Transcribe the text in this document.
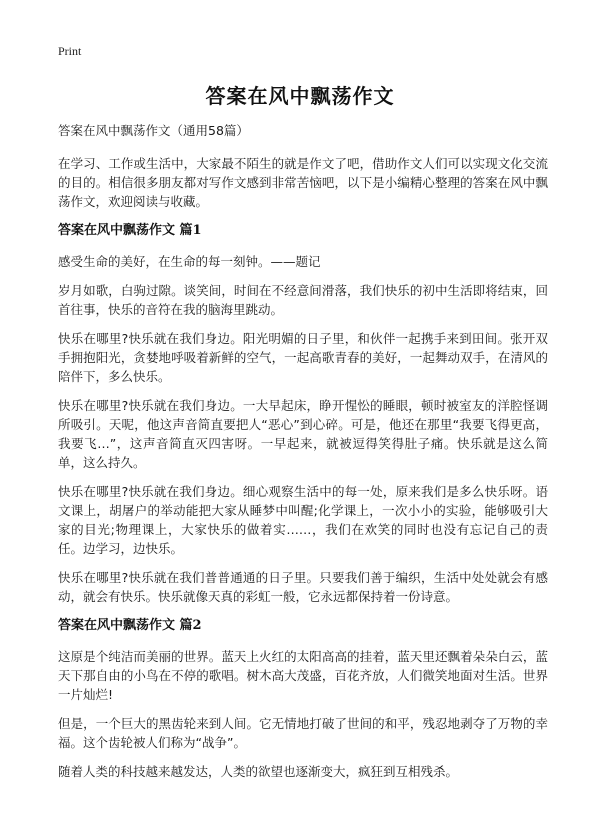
Print
答案在风中飘荡作文

答案在风中飘荡作文（通用58篇）

在学习、工作或生活中，大家最不陌生的就是作文了吧，借助作文人们可以实现文化交流的目的。相信很多朋友都对写作文感到非常苦恼吧，以下是小编精心整理的答案在风中飘荡作文，欢迎阅读与收藏。

答案在风中飘荡作文 篇1

感受生命的美好，在生命的每一刻钟。——题记

岁月如歌，白驹过隙。谈笑间，时间在不经意间滑落，我们快乐的初中生活即将结束，回首往事，快乐的音符在我的脑海里跳动。

快乐在哪里?快乐就在我们身边。阳光明媚的日子里，和伙伴一起携手来到田间。张开双手拥抱阳光，贪婪地呼吸着新鲜的空气，一起高歌青春的美好，一起舞动双手，在清风的陪伴下，多么快乐。

快乐在哪里?快乐就在我们身边。一大早起床，睁开惺忪的睡眼，顿时被室友的洋腔怪调所吸引。天呢，他这声音简直要把人“恶心”到心碎。可是，他还在那里“我要飞得更高，我要飞…”，这声音简直灭四害呀。一早起来，就被逗得笑得肚子痛。快乐就是这么简单，这么持久。

快乐在哪里?快乐就在我们身边。细心观察生活中的每一处，原来我们是多么快乐呀。语文课上，胡屠户的举动能把大家从睡梦中叫醒;化学课上，一次小小的实验，能够吸引大家的目光;物理课上，大家快乐的做着实……，我们在欢笑的同时也没有忘记自己的责任。边学习，边快乐。

快乐在哪里?快乐就在我们普普通通的日子里。只要我们善于编织，生活中处处就会有感动，就会有快乐。快乐就像天真的彩虹一般，它永远都保持着一份诗意。

答案在风中飘荡作文 篇2

这原是个纯洁而美丽的世界。蓝天上火红的太阳高高的挂着，蓝天里还飘着朵朵白云，蓝天下那自由的小鸟在不停的歌唱。树木高大茂盛，百花齐放，人们微笑地面对生活。世界一片灿烂!

但是，一个巨大的黑齿轮来到人间。它无情地打破了世间的和平，残忍地剥夺了万物的幸福。这个齿轮被人们称为“战争”。

随着人类的科技越来越发达，人类的欲望也逐渐变大，疯狂到互相残杀。
